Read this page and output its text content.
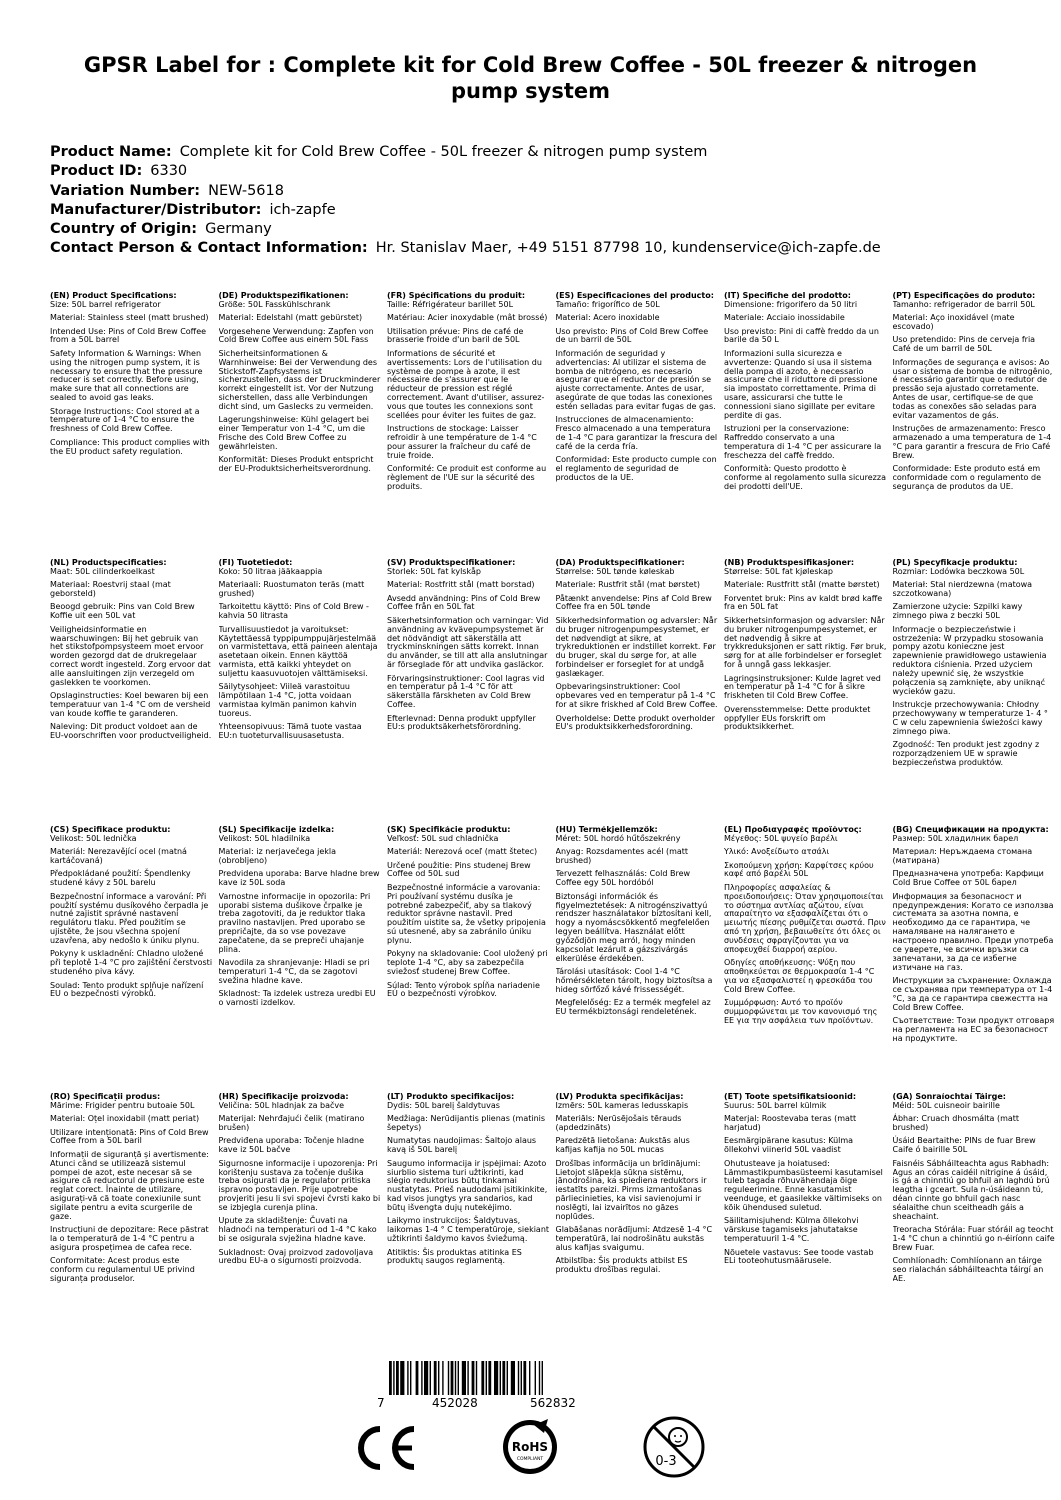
GPSR Label for : Complete kit for Cold Brew Coffee - 50L freezer & nitrogen pump system
Product Name: Complete kit for Cold Brew Coffee - 50L freezer & nitrogen pump system
Product ID: 6330
Variation Number: NEW-5618
Manufacturer/Distributor: ich-zapfe
Country of Origin: Germany
Contact Person & Contact Information: Hr. Stanislav Maer, +49 5151 87798 10, kundenservice@ich-zapfe.de
(EN) Product Specifications:
Size: 50L barrel refrigerator
Material: Stainless steel (matt brushed)
Intended Use: Pins of Cold Brew Coffee from a 50L barrel
Safety Information & Warnings: When using the nitrogen pump system, it is necessary to ensure that the pressure reducer is set correctly. Before using, make sure that all connections are sealed to avoid gas leaks.
Storage Instructions: Cool stored at a temperature of 1-4 °C to ensure the freshness of Cold Brew Coffee.
Compliance: This product complies with the EU product safety regulation.
(DE) Produktspezifikationen:
Größe: 50L Fasskühlschrank
Material: Edelstahl (matt gebürstet)
Vorgesehene Verwendung: Zapfen von Cold Brew Coffee aus einem 50L Fass
Sicherheitsinformationen & Warnhinweise: Bei der Verwendung des Stickstoff-Zapfsystems ist sicherzustellen, dass der Druckminderer korrekt eingestellt ist. Vor der Nutzung sicherstellen, dass alle Verbindungen dicht sind, um Gaslecks zu vermeiden.
Lagerungshinweise: Kühl gelagert bei einer Temperatur von 1-4 °C, um die Frische des Cold Brew Coffee zu gewährleisten.
Konformität: Dieses Produkt entspricht der EU-Produktsicherheitsverordnung.
(FR) Spécifications du produit:
Taille: Réfrigérateur barillet 50L
Matériau: Acier inoxydable (mât brossé)
Utilisation prévue: Pins de café de brasserie froide d'un baril de 50L
Informations de sécurité et avertissements: Lors de l'utilisation du système de pompe à azote, il est nécessaire de s'assurer que le réducteur de pression est réglé correctement. Avant d'utiliser, assurez-vous que toutes les connexions sont scellées pour éviter les fuites de gaz.
Instructions de stockage: Laisser refroidir à une température de 1-4 °C pour assurer la fraîcheur du café de truie froide.
Conformité: Ce produit est conforme au règlement de l'UE sur la sécurité des produits.
(ES) Especificaciones del producto:
Tamaño: frigorífico de 50L
Material: Acero inoxidable
Uso previsto: Pins of Cold Brew Coffee de un barril de 50L
Información de seguridad y advertencias: Al utilizar el sistema de bomba de nitrógeno, es necesario asegurar que el reductor de presión se ajuste correctamente. Antes de usar, asegúrate de que todas las conexiones estén selladas para evitar fugas de gas.
Instrucciones de almacenamiento: Fresco almacenado a una temperatura de 1-4 °C para garantizar la frescura del café de la cerda fría.
Conformidad: Este producto cumple con el reglamento de seguridad de productos de la UE.
(IT) Specifiche del prodotto:
Dimensione: frigorifero da 50 litri
Materiale: Acciaio inossidabile
Uso previsto: Pini di caffè freddo da un barile da 50 L
Informazioni sulla sicurezza e avvertenze: Quando si usa il sistema della pompa di azoto, è necessario assicurare che il riduttore di pressione sia impostato correttamente. Prima di usare, assicurarsi che tutte le connessioni siano sigillate per evitare perdite di gas.
Istruzioni per la conservazione: Raffreddo conservato a una temperatura di 1-4 °C per assicurare la freschezza del caffè freddo.
Conformità: Questo prodotto è conforme al regolamento sulla sicurezza dei prodotti dell'UE.
(PT) Especificações do produto:
Tamanho: refrigerador de barril 50L
Material: Aço inoxidável (mate escovado)
Uso pretendido: Pins de cerveja fria Café de um barril de 50L
Informações de segurança e avisos: Ao usar o sistema de bomba de nitrogênio, é necessário garantir que o redutor de pressão seja ajustado corretamente. Antes de usar, certifique-se de que todas as conexões são seladas para evitar vazamentos de gás.
Instruções de armazenamento: Fresco armazenado a uma temperatura de 1-4 °C para garantir a frescura de Frio Café Brew.
Conformidade: Este produto está em conformidade com o regulamento de segurança de produtos da UE.
(NL) Productspecificaties:
Maat: 50L cilinderkoelkast
Materiaal: Roestvrij staal (mat geborsteld)
Beoogd gebruik: Pins van Cold Brew Koffie uit een 50L vat
Veiligheidsinformatie en waarschuwingen: Bij het gebruik van het stikstofpompsysteem moet ervoor worden gezorgd dat de drukregelaar correct wordt ingesteld. Zorg ervoor dat alle aansluitingen zijn verzegeld om gaslekken te voorkomen.
Opslaginstructies: Koel bewaren bij een temperatuur van 1-4 °C om de versheid van koude koffie te garanderen.
Naleving: Dit product voldoet aan de EU-voorschriften voor productveiligheid.
(FI) Tuotetiedot:
Koko: 50 litraa jääkaappia
Materiaali: Ruostumaton teräs (matt grushed)
Tarkoitettu käyttö: Pins of Cold Brew -kahvia 50 litrasta
Turvallisuustiedot ja varoitukset: Käytettäessä typpipumppujärjestelmää on varmistettava, että paineen alentaja asetetaan oikein. Ennen käyttöä varmista, että kaikki yhteydet on suljettu kaasuvuotojen välttämiseksi.
Säilytysohjeet: Viileä varastoituu lämpötilaan 1-4 °C, jotta voidaan varmistaa kylmän panimon kahvin tuoreus.
Yhteensopivuus: Tämä tuote vastaa EU:n tuoteturvallisuusasetusta.
(SV) Produktspecifikationer:
Storlek: 50L fat kylskåp
Material: Rostfritt stål (matt borstad)
Avsedd användning: Pins of Cold Brew Coffee från en 50L fat
Säkerhetsinformation och varningar: Vid användning av kvävepumpsystemet är det nödvändigt att säkerställa att tryckminskningen sätts korrekt. Innan du använder, se till att alla anslutningar är förseglade för att undvika gasläckor.
Förvaringsinstruktioner: Cool lagras vid en temperatur på 1-4 °C för att säkerställa färskheten av Cold Brew Coffee.
Efterlevnad: Denna produkt uppfyller EU:s produktsäkerhetsförordning.
(DA) Produktspecifikationer:
Størrelse: 50L tønde køleskab
Materiale: Rustfrit stål (mat børstet)
Påtænkt anvendelse: Pins af Cold Brew Coffee fra en 50L tønde
Sikkerhedsinformation og advarsler: Når du bruger nitrogenpumpesystemet, er det nødvendigt at sikre, at trykreduktionen er indstillet korrekt. Før du bruger, skal du sørge for, at alle forbindelser er forseglet for at undgå gaslækager.
Opbevaringsinstruktioner: Cool opbevares ved en temperatur på 1-4 °C for at sikre friskhed af Cold Brew Coffee.
Overholdelse: Dette produkt overholder EU's produktsikkerhedsforordning.
(NB) Produktspesifikasjoner:
Størrelse: 50L fat kjøleskap
Materiale: Rustfritt stål (matte børstet)
Forventet bruk: Pins av kaldt brød kaffe fra en 50L fat
Sikkerhetsinformasjon og advarsler: Når du bruker nitrogenpumpesystemet, er det nødvendig å sikre at trykkreduksjonen er satt riktig. Før bruk, sørg for at alle forbindelser er forseglet for å unngå gass lekkasjer.
Lagringsinstruksjoner: Kulde lagret ved en temperatur på 1-4 °C for å sikre friskheten til Cold Brew Coffee.
Overensstemmelse: Dette produktet oppfyller EUs forskrift om produktsikkerhet.
(PL) Specyfikacje produktu:
Rozmiar: Lodówka beczkowa 50L
Materiał: Stal nierdzewna (matowa szczotkowana)
Zamierzone użycie: Szpilki kawy zimnego piwa z beczki 50L
Informacje o bezpieczeństwie i ostrzeżenia: W przypadku stosowania pompy azotu konieczne jest zapewnienie prawidłowego ustawienia reduktora ciśnienia. Przed użyciem należy upewnić się, że wszystkie połączenia są zamknięte, aby uniknąć wycieków gazu.
Instrukcje przechowywania: Chłodny przechowywany w temperaturze 1- 4 ° C w celu zapewnienia świeżości kawy zimnego piwa.
Zgodność: Ten produkt jest zgodny z rozporządzeniem UE w sprawie bezpieczeństwa produktów.
(CS) Specifikace produktu:
Velikost: 50L lednička
Materiál: Nerezavějící ocel (matná kartáčovaná)
Předpokládané použití: Špendlenky studené kávy z 50L barelu
Bezpečnostní informace a varování: Při použití systému dusíkového čerpadla je nutné zajistit správné nastavení regulátoru tlaku. Před použitím se ujistěte, že jsou všechna spojení uzavřena, aby nedošlo k úniku plynu.
Pokyny k uskladnění: Chladno uložené při teplotě 1-4 °C pro zajištění čerstvosti studeného piva kávy.
Soulad: Tento produkt splňuje nařízení EU o bezpečnosti výrobků.
(SL) Specifikacije izdelka:
Velikost: 50L hladilnika
Material: iz nerjavečega jekla (obrobljeno)
Predvidena uporaba: Barve hladne brew kave iz 50L soda
Varnostne informacije in opozorila: Pri uporabi sistema dušikove črpalke je treba zagotoviti, da je reduktor tlaka pravilno nastavljen. Pred uporabo se prepričajte, da so vse povezave zapečatene, da se prepreči uhajanje plina.
Navodila za shranjevanje: Hladi se pri temperaturi 1-4 °C, da se zagotovi svežina hladne kave.
Skladnost: Ta izdelek ustreza uredbi EU o varnosti izdelkov.
(SK) Špecifikácie produktu:
Veľkosť: 50L sud chladnička
Materiál: Nerezová oceľ (matt štetec)
Určené použitie: Pins studenej Brew Coffee od 50L sud
Bezpečnostné informácie a varovania: Pri používaní systému dusíka je potrebné zabezpečiť, aby sa tlakový reduktor správne nastavil. Pred použitím uistite sa, že všetky pripojenia sú utesnené, aby sa zabránilo úniku plynu.
Pokyny na skladovanie: Cool uložený pri teplote 1-4 °C, aby sa zabezpečila sviežosť studenej Brew Coffee.
Súlad: Tento výrobok spĺňa nariadenie EÚ o bezpečnosti výrobkov.
(HU) Termékjellemzők:
Méret: 50L hordó hűtőszekrény
Anyag: Rozsdamentes acél (matt brushed)
Tervezett felhasználás: Cold Brew Coffee egy 50L hordóból
Biztonsági információk és figyelmeztetések: A nitrogénszivattyú rendszer használatakor biztosítani kell, hogy a nyomáscsökkentő megfelelően legyen beállítva. Használat előtt győződjön meg arról, hogy minden kapcsolat lezárult a gázszivárgás elkerülése érdekében.
Tárolási utasítások: Cool 1-4 °C hőmérsékleten tárolt, hogy biztosítsa a hideg sörfőző kávé frissességét.
Megfelelőség: Ez a termék megfelel az EU termékbiztonsági rendeletének.
(EL) Προδιαγραφές προϊόντος:
Μέγεθος: 50L ψυγείο βαρέλι
Υλικό: Ανοξείδωτο ατσάλι
Σκοπούμενη χρήση: Καρφίτσες κρύου καφέ από βαρέλι 50L
Πληροφορίες ασφαλείας & προειδοποιήσεις: Όταν χρησιμοποιείται το σύστημα αντλίας αζώτου, είναι απαραίτητο να εξασφαλίζεται ότι ο μειωτής πίεσης ρυθμίζεται σωστά. Πριν από τη χρήση, βεβαιωθείτε ότι όλες οι συνδέσεις σφραγίζονται για να αποφευχθεί διαρροή αερίου.
Οδηγίες αποθήκευσης: Ψύξη που αποθηκεύεται σε θερμοκρασία 1-4 °C για να εξασφαλιστεί η φρεσκάδα του Cold Brew Coffee.
Συμμόρφωση: Αυτό το προϊόν συμμορφώνεται με τον κανονισμό της ΕΕ για την ασφάλεια των προϊόντων.
(BG) Спецификации на продукта:
Размер: 50L хладилник барел
Материал: Неръждаема стомана (матирана)
Предназначена употреба: Карфици Cold Brue Coffee от 50L барел
Информация за безопасност и предупреждения: Когато се използва системата за азотна помпа, е необходимо да се гарантира, че намаляване на налягането е настроено правилно. Преди употреба се уверете, че всички връзки са запечатани, за да се избегне изтичане на газ.
Инструкции за съхранение: Охлажда се съхранява при температура от 1-4 °C, за да се гарантира свежестта на Cold Brew Coffee.
Съответствие: Този продукт отговаря на регламента на ЕС за безопасност на продуктите.
(RO) Specificații produs:
Mărime: Frigider pentru butoaie 50L
Material: Oțel inoxidabil (matt periat)
Utilizare intenționată: Pins of Cold Brew Coffee from a 50L baril
Informații de siguranță și avertismente: Atunci când se utilizează sistemul pompei de azot, este necesar să se asigure că reductorul de presiune este reglat corect. Înainte de utilizare, asigurați-vă că toate conexiunile sunt sigilate pentru a evita scurgerile de gaze.
Instrucțiuni de depozitare: Rece păstrat la o temperatură de 1-4 °C pentru a asigura prospețimea de cafea rece.
Conformitate: Acest produs este conform cu regulamentul UE privind siguranța produselor.
(HR) Specifikacije proizvoda:
Veličina: 50L hladnjak za bačve
Materijal: Nehrđajući čelik (matirano brušen)
Predviđena uporaba: Točenje hladne kave iz 50L bačve
Sigurnosne informacije i upozorenja: Pri korištenju sustava za točenje dušika treba osigurati da je regulator pritiska ispravno postavljen. Prije upotrebe provjeriti jesu li svi spojevi čvrsti kako bi se izbjegla curenja plina.
Upute za skladištenje: Čuvati na hladnoći na temperaturi od 1-4 °C kako bi se osigurala svježina hladne kave.
Sukladnost: Ovaj proizvod zadovoljava uredbu EU-a o sigurnosti proizvoda.
(LT) Produkto specifikacijos:
Dydis: 50L barelį šaldytuvas
Medžiaga: Nerūdijantis plienas (matinis šepetys)
Numatytas naudojimas: Šaltojo alaus kavą iš 50L barelį
Saugumo informacija ir įspėjimai: Azoto siurblio sistema turi užtikrinti, kad slėgio reduktorius būtų tinkamai nustatytas. Prieš naudodami įsitikinkite, kad visos jungtys yra sandarios, kad būtų išvengta dujų nutekėjimo.
Laikymo instrukcijos: Šaldytuvas, laikomas 1-4 ° C temperatūroje, siekiant užtikrinti šaldymo kavos šviežumą.
Atitiktis: Šis produktas atitinka ES produktų saugos reglamentą.
(LV) Produkta specifikācijas:
Izmērs: 50L kameras ledusskapis
Materiāls: Nerūsējošais tērauds (apdedzināts)
Paredzētā lietošana: Aukstās alus kafijas kafija no 50L mucas
Drošības informācija un brīdinājumi: Lietojot slāpekļa sūkņa sistēmu, jānodrošina, ka spiediena reduktors ir iestatīts pareizi. Pirms izmantošanas pārliecinieties, ka visi savienojumi ir noslēgti, lai izvairītos no gāzes noplūdes.
Glabāšanas norādījumi: Atdzesē 1-4 °C temperatūrā, lai nodrošinātu aukstās alus kafijas svaigumu.
Atbilstība: Šis produkts atbilst ES produktu drošības regulai.
(ET) Toote spetsifikatsioonid:
Suurus: 50L barrel külmik
Materjal: Roostevaba teras (matt harjatud)
Eesmärgipärane kasutus: Külma õllekohvi viinerid 50L vaadist
Ohutusteave ja hoiatused: Lämmastikpumbasüsteemi kasutamisel tuleb tagada rõhuvähendaja õige reguleerimine. Enne kasutamist veenduge, et gaasilekke vältimiseks on kõik ühendused suletud.
Säilitamisjuhend: Külma õllekohvi värskuse tagamiseks jahutatakse temperatuuril 1-4 °C.
Nõuetele vastavus: See toode vastab ELi tooteohutusmäärusele.
(GA) Sonraíochtaí Táirge:
Méid: 50L cuisneoir bairille
Ábhar: Cruach dhosmálta (matt brushed)
Úsáid Beartaithe: PINs de fuar Brew Caife ó bairille 50L
Faisnéis Sábháilteachta agus Rabhadh: Agus an córas caidéil nitrigine á úsáid, is gá a chinntiú go bhfuil an laghdú brú leagtha i gceart. Sula n-úsáideann tú, déan cinnte go bhfuil gach nasc séalaithe chun sceitheadh gáis a sheachaint.
Treoracha Stórála: Fuar stóráil ag teocht 1-4 °C chun a chinntiú go n-éiríonn caife Brew Fuar.
Comhlíonadh: Comhlíonann an táirge seo rialachán sábháilteachta táirgí an AE.
7	452028	562832
RoHS
COMPLIANT	0-3
